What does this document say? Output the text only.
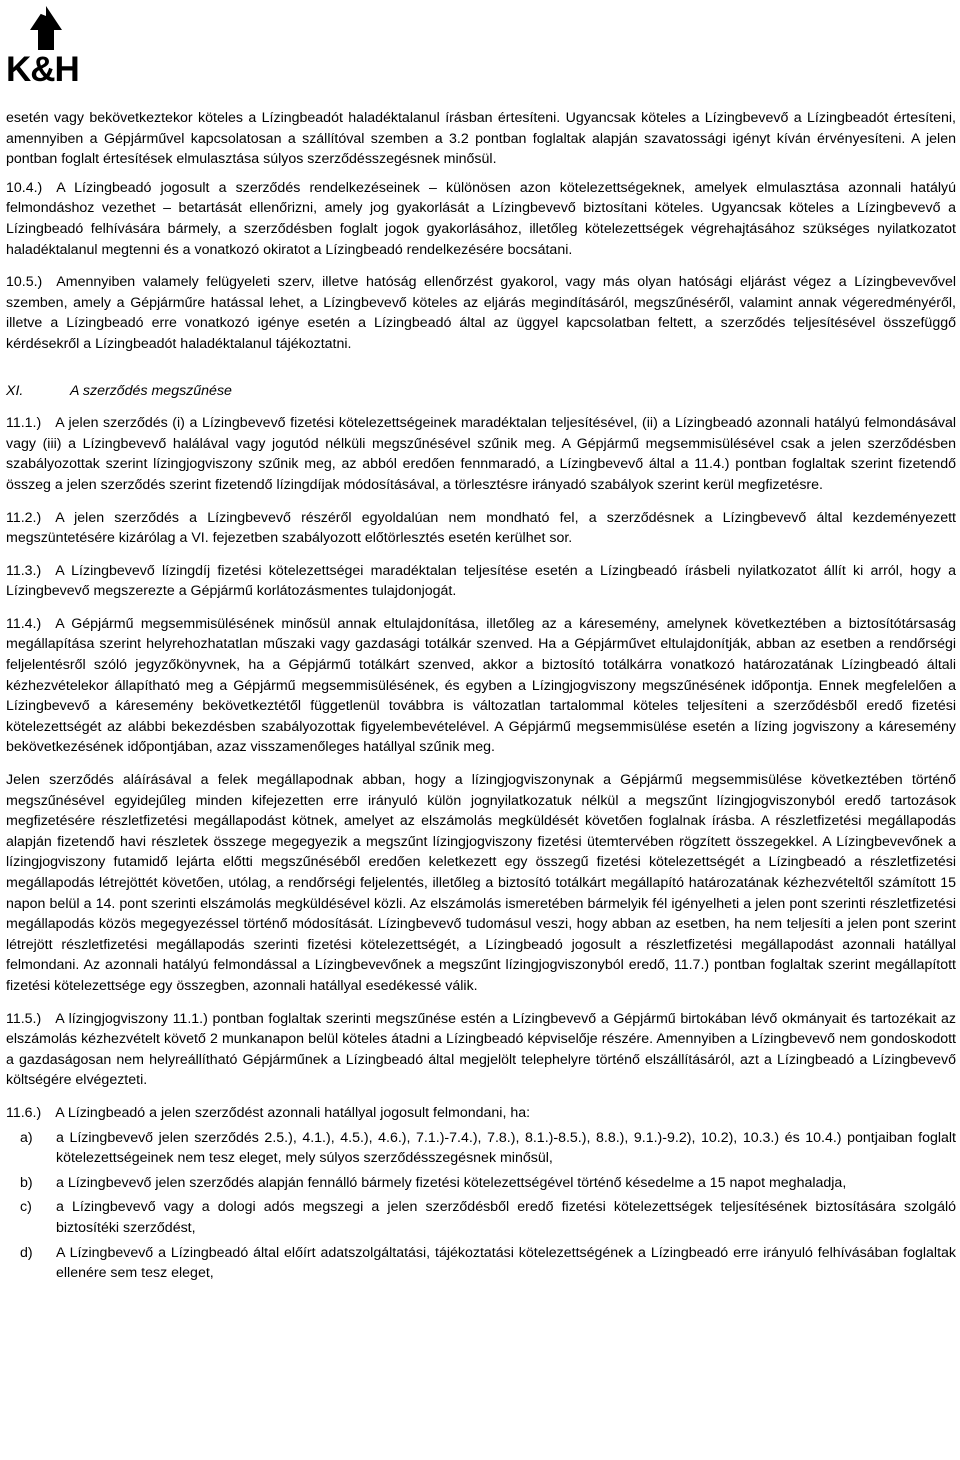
K&H

esetén vagy bekövetkeztekor köteles a Lízingbeadót haladéktalanul írásban értesíteni. Ugyancsak köteles a Lízingbevevő a Lízingbeadót értesíteni, amennyiben a Gépjárművel kapcsolatosan a szállítóval szemben a 3.2 pontban foglaltak alapján szavatossági igényt kíván érvényesíteni. A jelen pontban foglalt értesítések elmulasztása súlyos szerződésszegésnek minősül.

10.4.) A Lízingbeadó jogosult a szerződés rendelkezéseinek – különösen azon kötelezettségeknek, amelyek elmulasztása azonnali hatályú felmondáshoz vezethet – betartását ellenőrizni, amely jog gyakorlását a Lízingbevevő biztosítani köteles. Ugyancsak köteles a Lízingbevevő a Lízingbeadó felhívására bármely, a szerződésben foglalt jogok gyakorlásához, illetőleg kötelezettségek végrehajtásához szükséges nyilatkozatot haladéktalanul megtenni és a vonatkozó okiratot a Lízingbeadó rendelkezésére bocsátani.

10.5.) Amennyiben valamely felügyeleti szerv, illetve hatóság ellenőrzést gyakorol, vagy más olyan hatósági eljárást végez a Lízingbevevővel szemben, amely a Gépjárműre hatással lehet, a Lízingbevevő köteles az eljárás megindításáról, megszűnéséről, valamint annak végeredményéről, illetve a Lízingbeadó erre vonatkozó igénye esetén a Lízingbeadó által az üggyel kapcsolatban feltett, a szerződés teljesítésével összefüggő kérdésekről a Lízingbeadót haladéktalanul tájékoztatni.

XI.	A szerződés megszűnése

11.1.) A jelen szerződés (i) a Lízingbevevő fizetési kötelezettségeinek maradéktalan teljesítésével, (ii) a Lízingbeadó azonnali hatályú felmondásával vagy (iii) a Lízingbevevő halálával vagy jogutód nélküli megszűnésével szűnik meg. A Gépjármű megsemmisülésével csak a jelen szerződésben szabályozottak szerint lízingjogviszony szűnik meg, az abból eredően fennmaradó, a Lízingbevevő által a 11.4.) pontban foglaltak szerint fizetendő összeg a jelen szerződés szerint fizetendő lízingdíjak módosításával, a törlesztésre irányadó szabályok szerint kerül megfizetésre.

11.2.) A jelen szerződés a Lízingbevevő részéről egyoldalúan nem mondható fel, a szerződésnek a Lízingbevevő által kezdeményezett megszüntetésére kizárólag a VI. fejezetben szabályozott előtörlesztés esetén kerülhet sor.

11.3.) A Lízingbevevő lízingdíj fizetési kötelezettségei maradéktalan teljesítése esetén a Lízingbeadó írásbeli nyilatkozatot állít ki arról, hogy a Lízingbevevő megszerezte a Gépjármű korlátozásmentes tulajdonjogát.

11.4.) A Gépjármű megsemmisülésének minősül annak eltulajdonítása, illetőleg az a káresemény, amelynek következtében a biztosítótársaság megállapítása szerint helyrehozhatatlan műszaki vagy gazdasági totálkár szenved. Ha a Gépjárművet eltulajdonítják, abban az esetben a rendőrségi feljelentésről szóló jegyzőkönyvnek, ha a Gépjármű totálkárt szenved, akkor a biztosító totálkárra vonatkozó határozatának Lízingbeadó általi kézhezvételekor állapítható meg a Gépjármű megsemmisülésének, és egyben a Lízingjogviszony megszűnésének időpontja. Ennek megfelelően a Lízingbevevő a káresemény bekövetkeztétől függetlenül továbbra is változatlan tartalommal köteles teljesíteni a szerződésből eredő fizetési kötelezettségét az alábbi bekezdésben szabályozottak figyelembevételével. A Gépjármű megsemmisülése esetén a lízing jogviszony a káresemény bekövetkezésének időpontjában, azaz visszamenőleges hatállyal szűnik meg.

Jelen szerződés aláírásával a felek megállapodnak abban, hogy a lízingjogviszonynak a Gépjármű megsemmisülése következtében történő megszűnésével egyidejűleg minden kifejezetten erre irányuló külön jognyilatkozatuk nélkül a megszűnt lízingjogviszonyból eredő tartozások megfizetésére részletfizetési megállapodást kötnek, amelyet az elszámolás megküldését követően foglalnak írásba. A részletfizetési megállapodás alapján fizetendő havi részletek összege megegyezik a megszűnt lízingjogviszony fizetési ütemtervében rögzített összegekkel. A Lízingbevevőnek a lízingjogviszony futamidő lejárta előtti megszűnéséből eredően keletkezett egy összegű fizetési kötelezettségét a Lízingbeadó a részletfizetési megállapodás létrejöttét követően, utólag, a rendőrségi feljelentés, illetőleg a biztosító totálkárt megállapító határozatának kézhezvételtől számított 15 napon belül a 14. pont szerinti elszámolás megküldésével közli. Az elszámolás ismeretében bármelyik fél igényelheti a jelen pont szerinti részletfizetési megállapodás közös megegyezéssel történő módosítását. Lízingbevevő tudomásul veszi, hogy abban az esetben, ha nem teljesíti a jelen pont szerint létrejött részletfizetési megállapodás szerinti fizetési kötelezettségét, a Lízingbeadó jogosult a részletfizetési megállapodást azonnali hatállyal felmondani. Az azonnali hatályú felmondással a Lízingbevevőnek a megszűnt lízingjogviszonyból eredő, 11.7.) pontban foglaltak szerint megállapított fizetési kötelezettsége egy összegben, azonnali hatállyal esedékessé válik.

11.5.) A lízingjogviszony 11.1.) pontban foglaltak szerinti megszűnése estén a Lízingbevevő a Gépjármű birtokában lévő okmányait és tartozékait az elszámolás kézhezvételt követő 2 munkanapon belül köteles átadni a Lízingbeadó képviselője részére. Amennyiben a Lízingbevevő nem gondoskodott a gazdaságosan nem helyreállítható Gépjárműnek a Lízingbeadó által megjelölt telephelyre történő elszállításáról, azt a Lízingbeadó a Lízingbevevő költségére elvégezteti.

11.6.) A Lízingbeadó a jelen szerződést azonnali hatállyal jogosult felmondani, ha:

a)	a Lízingbevevő jelen szerződés 2.5.), 4.1.), 4.5.), 4.6.), 7.1.)-7.4.), 7.8.), 8.1.)-8.5.), 8.8.), 9.1.)-9.2), 10.2), 10.3.) és 10.4.) pontjaiban foglalt kötelezettségeinek nem tesz eleget, mely súlyos szerződésszegésnek minősül,
b)	a Lízingbevevő jelen szerződés alapján fennálló bármely fizetési kötelezettségével történő késedelme a 15 napot meghaladja,
c)	a Lízingbevevő vagy a dologi adós megszegi a jelen szerződésből eredő fizetési kötelezettségek teljesítésének biztosítására szolgáló biztosítéki szerződést,
d)	A Lízingbevevő a Lízingbeadó által előírt adatszolgáltatási, tájékoztatási kötelezettségének a Lízingbeadó erre irányuló felhívásában foglaltak ellenére sem tesz eleget,
